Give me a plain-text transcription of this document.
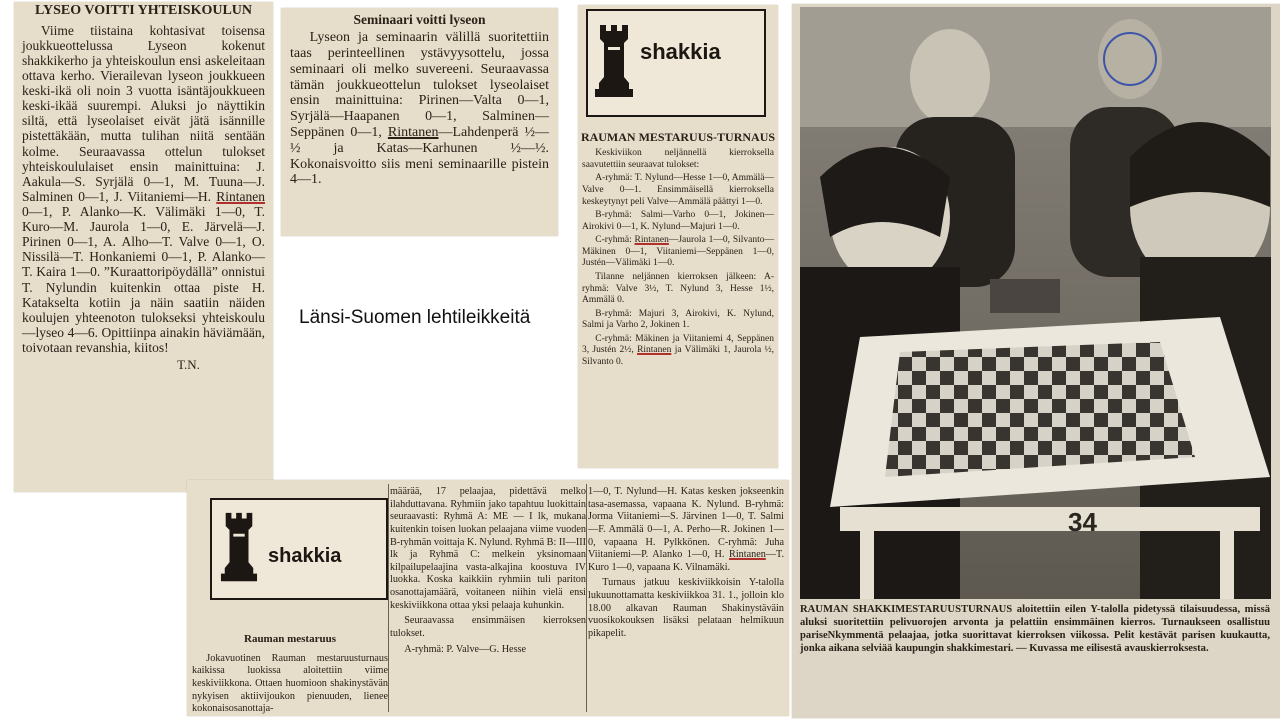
LYSEO VOITTI YHTEISKOULUN
Viime tiistaina kohtasivat toisensa joukkueottelussa Lyseon kokenut shakkikerho ja yhteiskoulun ensi askeleitaan ottava kerho. Vierailevan lyseon joukkueen keski-ikä oli noin 3 vuotta isäntäjoukkueen keski-ikää suurempi. Aluksi jo näyttikin siltä, että lyseolaiset eivät jätä isännille pistettäkään, mutta tulihan niitä sentään kolme. Seuraavassa ottelun tulokset yhteiskoululaiset ensin mainittuina: J. Aakula—S. Syrjälä 0—1, M. Tuuna—J. Salminen 0—1, J. Viitaniemi—H. Rintanen 0—1, P. Alanko—K. Välimäki 1—0, T. Kuro—M. Jaurola 1—0, E. Järvelä—J. Pirinen 0—1, A. Alho—T. Valve 0—1, O. Nissilä—T. Honkaniemi 0—1, P. Alanko—T. Kaira 1—0. ”Kuraattoripöydällä” onnistui T. Nylundin kuitenkin ottaa piste H. Katakselta kotiin ja näin saatiin näiden koulujen yhteenoton tulokseksi yhteiskoulu—lyseo 4—6. Opittiinpa ainakin häviämään, toivotaan revanshia, kiitos!
T.N.
Seminaari voitti lyseon
Lyseon ja seminaarin välillä suoritettiin taas perinteellinen ystävyysottelu, jossa seminaari oli melko suvereeni. Seuraavassa tämän joukkueottelun tulokset lyseolaiset ensin mainittuina: Pirinen—Valta 0—1, Syrjälä—Haapanen 0—1, Salminen—Seppänen 0—1, Rintanen—Lahdenperä ½—½ ja Katas—Karhunen ½—½. Kokonaisvoitto siis meni seminaarille pistein 4—1.
Länsi-Suomen lehtileikkeitä
shakkia
RAUMAN MESTARUUS-TURNAUS

Keskiviikon neljännellä kierroksella saavutettiin seuraavat tulokset:

A-ryhmä: T. Nylund—Hesse 1—0, Ammälä—Valve 0—1. Ensimmäisellä kierroksella keskeytynyt peli Valve—Ammälä päättyi 1—0.

B-ryhmä: Salmi—Varho 0—1, Jokinen—Airokivi 0—1, K. Nylund—Majuri 1—0.

C-ryhmä: Rintanen—Jaurola 1—0, Silvanto—Mäkinen 0—1, Viitaniemi—Seppänen 1—0, Justén—Välimäki 1—0.

Tilanne neljännen kierroksen jälkeen: A-ryhmä: Valve 3½, T. Nylund 3, Hesse 1½, Ammälä 0.

B-ryhmä: Majuri 3, Airokivi, K. Nylund, Salmi ja Varho 2, Jokinen 1.

C-ryhmä: Mäkinen ja Viitaniemi 4, Seppänen 3, Justén 2½, Rintanen ja Välimäki 1, Jaurola ½, Silvanto 0.

shakkia
Rauman mestaruus

Jokavuotinen Rauman mestaruusturnaus kaikissa luokissa aloitettiin viime keskiviikkona. Ottaen huomioon shakinystävän nykyisen aktiivijoukon pienuuden, lienee kokonaisosanottaja-

määrää, 17 pelaajaa, pidettävä melko ilahduttavana. Ryhmiin jako tapahtuu luokittain seuraavasti: Ryhmä A: ME — I lk, mukana kuitenkin toisen luokan pelaajana viime vuoden B-ryhmän voittaja K. Nylund. Ryhmä B: II—III lk ja Ryhmä C: melkein yksinomaan kilpailupelaajina vasta-alkajina koostuva IV luokka. Koska kaikkiin ryhmiin tuli pariton osanottajamäärä, voitaneen niihin vielä ensi keskiviikkona ottaa yksi pelaaja kuhunkin.

Seuraavassa ensimmäisen kierroksen tulokset.

A-ryhmä: P. Valve—G. Hesse

1—0, T. Nylund—H. Katas kesken jokseenkin tasa-asemassa, vapaana K. Nylund. B-ryhmä: Jorma Viitaniemi—S. Järvinen 1—0, T. Salmi—F. Ammälä 0—1, A. Perho—R. Jokinen 1—0, vapaana H. Pylkkönen. C-ryhmä: Juha Viitaniemi—P. Alanko 1—0, H. Rintanen—T. Kuro 1—0, vapaana K. Vilnamäki.

Turnaus jatkuu keskiviikkoisin Y-talolla lukuunottamatta keskiviikkoa 31. 1., jolloin klo 18.00 alkavan Rauman Shakinystäväin vuosikokouksen lisäksi pelataan helmikuun pikapelit.

34
RAUMAN SHAKKIMESTARUUSTURNAUS aloitettiin eilen Y-talolla pidetyssä tilaisuudessa, missä aluksi suoritettiin pelivuorojen arvonta ja pelattiin ensimmäinen kierros. Turnaukseen osallistuu pariseNkymmentä pelaajaa, jotka suorittavat kierroksen viikossa. Pelit kestävät parisen kuukautta, jonka aikana selviää kaupungin shakkimestari. — Kuvassa me eilisestä avauskierroksesta.
